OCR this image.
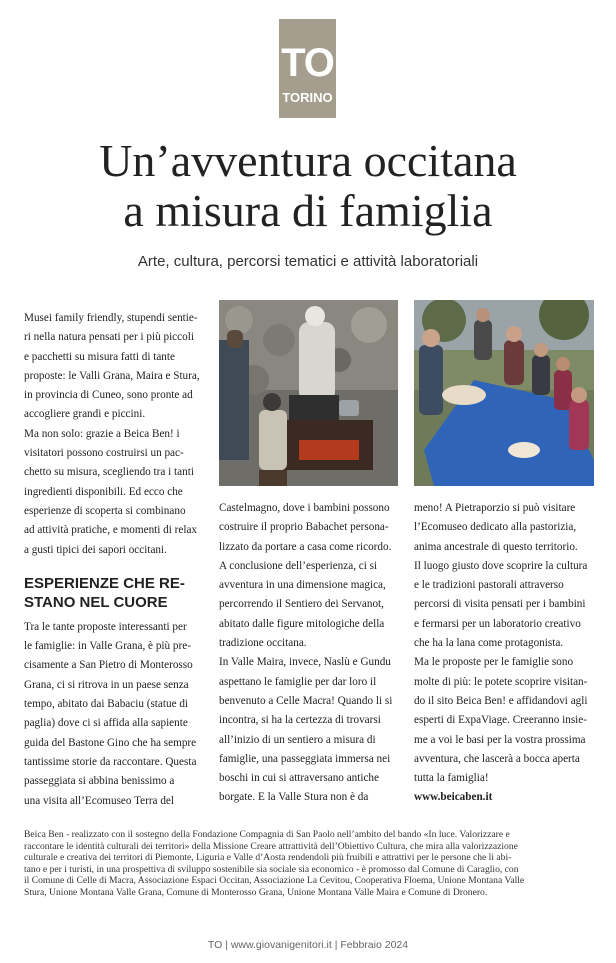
TO
TORINO
Un’avventura occitana
a misura di famiglia
Arte, cultura, percorsi tematici e attività laboratoriali

Musei family friendly, stupendi sentie-

ri nella natura pensati per i più piccoli

e pacchetti su misura fatti di tante

proposte: le Valli Grana, Maira e Stura,

in provincia di Cuneo, sono pronte ad

accogliere grandi e piccini.

Ma non solo: grazie a Beica Ben! i

visitatori possono costruirsi un pac-

chetto su misura, scegliendo tra i tanti

ingredienti disponibili. Ed ecco che

esperienze di scoperta si combinano

ad attività pratiche, e momenti di relax

a gusti tipici dei sapori occitani.

ESPERIENZE CHE RE-
STANO NEL CUORE

Tra le tante proposte interessanti per

le famiglie: in Valle Grana, è più pre-

cisamente a San Pietro di Monterosso

Grana, ci si ritrova in un paese senza

tempo, abitato dai Babaciu (statue di

paglia) dove ci si affida alla sapiente

guida del Bastone Gino che ha sempre

tantissime storie da raccontare. Questa

passeggiata si abbina benissimo a

una visita all’Ecomuseo Terra del

Castelmagno, dove i bambini possono

costruire il proprio Babachet persona-

lizzato da portare a casa come ricordo.

A conclusione dell’esperienza, ci si

avventura in una dimensione magica,

percorrendo il Sentiero dei Servanot,

abitato dalle figure mitologiche della

tradizione occitana.

In Valle Maira, invece, Naslù e Gundu

aspettano le famiglie per dar loro il

benvenuto a Celle Macra! Quando li si

incontra, si ha la certezza di trovarsi

all’inizio di un sentiero a misura di

famiglie, una passeggiata immersa nei

boschi in cui si attraversano antiche

borgate. E la Valle Stura non è da

meno! A Pietraporzio si può visitare

l’Ecomuseo dedicato alla pastorizia,

anima ancestrale di questo territorio.

Il luogo giusto dove scoprire la cultura

e le tradizioni pastorali attraverso

percorsi di visita pensati per i bambini

e fermarsi per un laboratorio creativo

che ha la lana come protagonista.

Ma le proposte per le famiglie sono

molte di più: le potete scoprire visitan-

do il sito Beica Ben! e affidandovi agli

esperti di ExpaViage. Creeranno insie-

me a voi le basi per la vostra prossima

avventura, che lascerà a bocca aperta

tutta la famiglia!

www.beicaben.it

Beica Ben - realizzato con il sostegno della Fondazione Compagnia di San Paolo nell’ambito del bando «In luce. Valorizzare e
raccontare le identità culturali dei territori» della Missione Creare attrattività dell’Obiettivo Cultura, che mira alla valorizzazione
culturale e creativa dei territori di Piemonte, Liguria e Valle d’Aosta rendendoli più fruibili e attrattivi per le persone che li abi-
tano e per i turisti, in una prospettiva di sviluppo sostenibile sia sociale sia economico - è promosso dal Comune di Caraglio, con
il Comune di Celle di Macra, Associazione Espaci Occitan, Associazione La Cevitou, Cooperativa Floema, Unione Montana Valle
Stura, Unione Montana Valle Grana, Comune di Monterosso Grana, Unione Montana Valle Maira e Comune di Dronero.
TO | www.giovanigenitori.it | Febbraio 2024
